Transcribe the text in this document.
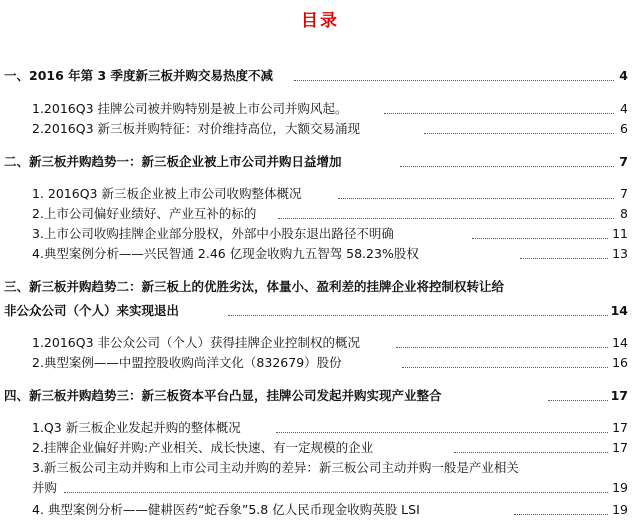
目录
一、2016 年第 3 季度新三板并购交易热度不减	4
1.2016Q3 挂牌公司被并购特别是被上市公司并购风起。	4
2.2016Q3 新三板并购特征：对价维持高位，大额交易涌现	6
二、新三板并购趋势一：新三板企业被上市公司并购日益增加	7
1. 2016Q3 新三板企业被上市公司收购整体概况	7
2.上市公司偏好业绩好、产业互补的标的	8
3.上市公司收购挂牌企业部分股权，外部中小股东退出路径不明确	11
4.典型案例分析——兴民智通 2.46 亿现金收购九五智驾 58.23%股权	13
三、新三板并购趋势二：新三板上的优胜劣汰，体量小、盈利差的挂牌企业将控制权转让给
非公众公司（个人）来实现退出	14
1.2016Q3 非公众公司（个人）获得挂牌企业控制权的概况	14
2.典型案例——中盟控股收购尚洋文化（832679）股份	16
四、新三板并购趋势三：新三板资本平台凸显，挂牌公司发起并购实现产业整合	17
1.Q3 新三板企业发起并购的整体概况	17
2.挂牌企业偏好并购:产业相关、成长快速、有一定规模的企业	17
3.新三板公司主动并购和上市公司主动并购的差异：新三板公司主动并购一般是产业相关
并购	19
4. 典型案例分析——健耕医药“蛇吞象”5.8 亿人民币现金收购英股 LSI	19
